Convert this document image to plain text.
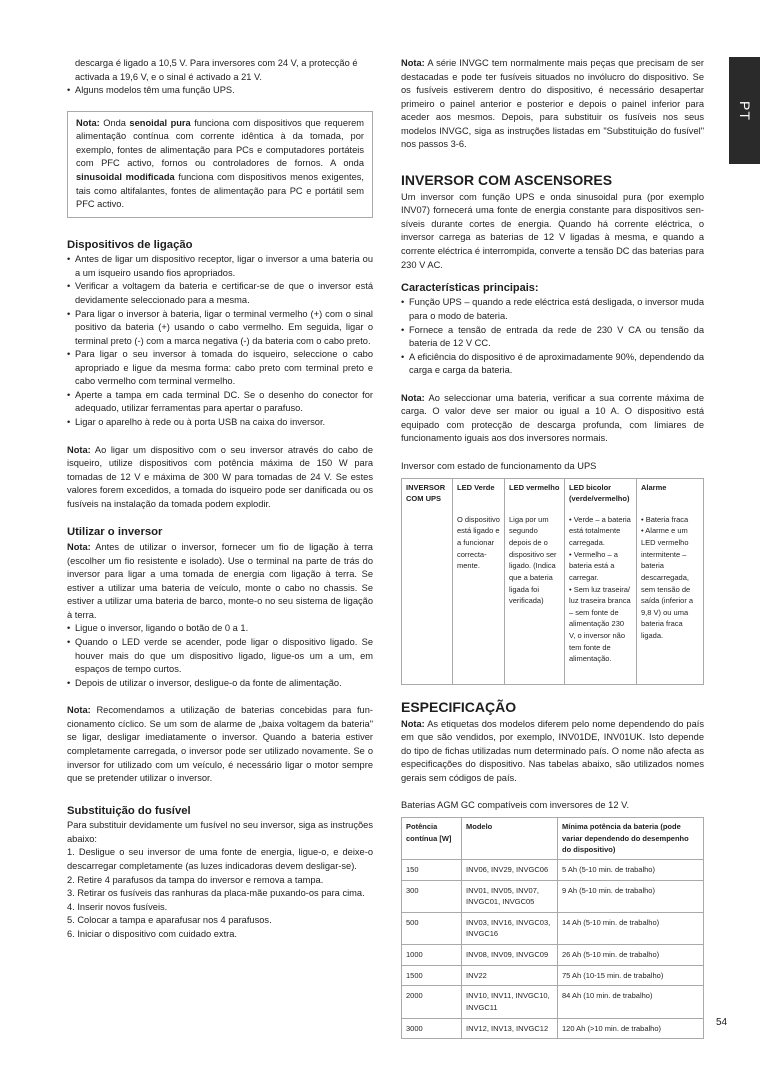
descarga é ligado a 10,5 V. Para inversores com 24 V, a protecção é

activada a 19,6 V, e o sinal é activado a 21 V.

• Alguns modelos têm uma função UPS.

Nota: Onda senoidal pura funciona com dispositivos que requerem alimentação contínua com corrente idêntica à da tomada, por exemplo, fontes de alimentação para PCs e computadores portáteis com PFC activo, fornos ou controladores de fornos. A onda sinusoidal modificada funciona com dispositivos menos exigentes, tais como altifalantes, fontes de alimentação para PC e portátil sem PFC activo.

Dispositivos de ligação
• Antes de ligar um dispositivo receptor, ligar o inversor a uma bateria ou a um isqueiro usando fios apropriados.
• Verificar a voltagem da bateria e certificar-se de que o inversor está devidamente seleccionado para a mesma.
• Para ligar o inversor à bateria, ligar o terminal vermelho (+) com o sinal positivo da bateria (+) usando o cabo vermelho. Em seguida, ligar o terminal preto (-) com a marca negativa (-) da bateria com o cabo preto.
• Para ligar o seu inversor à tomada do isqueiro, seleccione o cabo apropriado e ligue da mesma forma: cabo preto com terminal preto e cabo vermelho com terminal vermelho.
• Aperte a tampa em cada terminal DC. Se o desenho do conector for adequado, utilizar ferramentas para apertar o parafuso.
• Ligar o aparelho à rede ou à porta USB na caixa do inversor.

Nota: Ao ligar um dispositivo com o seu inversor através do cabo de isqueiro, utilize dispositivos com potência máxima de 150 W para tomadas de 12 V e máxima de 300 W para tomadas de 24 V. Se estes valores forem excedidos, a tomada do isqueiro pode ser danificada ou os fusíveis na instalação da tomada podem explodir.

Utilizar o inversor

Nota: Antes de utilizar o inversor, fornecer um fio de ligação à terra (escolher um fio resistente e isolado). Use o terminal na parte de trás do inversor para ligar a uma tomada de energia com ligação à terra. Se estiver a utilizar uma bateria de veículo, monte o cabo no chassis. Se estiver a utilizar uma bateria de barco, monte-o no seu sistema de ligação à terra.

• Ligue o inversor, ligando o botão de 0 a 1.
• Quando o LED verde se acender, pode ligar o dispositivo ligado. Se houver mais do que um dispositivo ligado, ligue-os um a um, em espaços de tempo curtos.
• Depois de utilizar o inversor, desligue-o da fonte de alimentação.

Nota: Recomendamos a utilização de baterias concebidas para funcionamento cíclico. Se um som de alarme de „baixa voltagem da bateria" se ligar, desligar imediatamente o inversor. Quando a bateria estiver completamente carregada, o inversor pode ser utilizado novamente. Se o inversor for utilizado com um veículo, é necessário ligar o motor sempre que se pretender utilizar o inversor.

Substituição do fusível

Para substituir devidamente um fusível no seu inversor, siga as instruções abaixo:

1. Desligue o seu inversor de uma fonte de energia, ligue-o, e deixe-o descarregar completamente (as luzes indicadoras devem desligar-se).
2. Retire 4 parafusos da tampa do inversor e remova a tampa.
3. Retirar os fusíveis das ranhuras da placa-mãe puxando-os para cima.
4. Inserir novos fusíveis.
5. Colocar a tampa e aparafusar nos 4 parafusos.
6. Iniciar o dispositivo com cuidado extra.

Nota: A série INVGC tem normalmente mais peças que precisam de ser destacadas e pode ter fusíveis situados no invólucro do dispositivo. Se os fusíveis estiverem dentro do dispositivo, é necessário desapertar primeiro o painel anterior e posterior e depois o painel inferior para aceder aos mesmos. Depois, para substituir os fusíveis nos seus modelos INVGC, siga as instruções listadas em "Substituição do fusível" nos passos 3-6.

INVERSOR COM ASCENSORES

Um inversor com função UPS e onda sinusoidal pura (por exemplo INV07) fornecerá uma fonte de energia constante para dispositivos sensíveis durante cortes de energia. Quando há corrente eléctrica, o inversor carrega as baterias de 12 V ligadas à mesma, e quando a corrente eléctrica é interrompida, converte a tensão DC das baterias para 230 V AC.

Características principais:
• Função UPS – quando a rede eléctrica está desligada, o inversor muda para o modo de bateria.
• Fornece a tensão de entrada da rede de 230 V CA ou tensão da bateria de 12 V CC.
• A eficiência do dispositivo é de aproximadamente 90%, dependendo da carga e carga da bateria.

Nota: Ao seleccionar uma bateria, verificar a sua corrente máxima de carga. O valor deve ser maior ou igual a 10 A. O dispositivo está equipado com protecção de descarga profunda, com limiares de funcionamento iguais aos dos inversores normais.

Inversor com estado de funcionamento da UPS

INVERSOR COM UPS	LED Verde	LED vermelho	LED bicolor (verde/vermelho)	Alarme
	O dispositivo está ligado e a funcionar correctamente.	Liga por um segundo depois de o dispositivo ser ligado. (Indica que a bateria ligada foi verificada)	• Verde – a bateria está totalmente carregada.
• Vermelho – a bateria está a carregar.
• Sem luz traseira/ luz traseira branca – sem fonte de alimentação 230 V, o inversor não tem fonte de alimentação.	• Bateria fraca
• Alarme e um LED vermelho intermitente – bateria descarregada, sem tensão de saída (inferior a 9,8 V) ou uma bateria fraca ligada.
ESPECIFICAÇÃO

Nota: As etiquetas dos modelos diferem pelo nome dependendo do país em que são vendidos, por exemplo, INV01DE, INV01UK. Isto depende do tipo de fichas utilizadas num determinado país. O nome não afecta as especificações do dispositivo. Nas tabelas abaixo, são utilizados nomes gerais sem códigos de país.

Baterias AGM GC compatíveis com inversores de 12 V.

Potência contínua [W]	Modelo	Mínima potência da bateria (pode variar dependendo do desempenho do dispositivo)
150	INV06, INV29, INVGC06	5 Ah (5-10 min. de trabalho)
300	INV01, INV05, INV07, INVGC01, INVGC05	9 Ah (5-10 min. de trabalho)
500	INV03, INV16, INVGC03, INVGC16	14 Ah (5-10 min. de trabalho)
1000	INV08, INV09, INVGC09	26 Ah (5-10 min. de trabalho)
1500	INV22	75 Ah (10-15 min. de trabalho)
2000	INV10, INV11, INVGC10, INVGC11	84 Ah (10 min. de trabalho)
3000	INV12, INV13, INVGC12	120 Ah (>10 min. de trabalho)
PT
54
